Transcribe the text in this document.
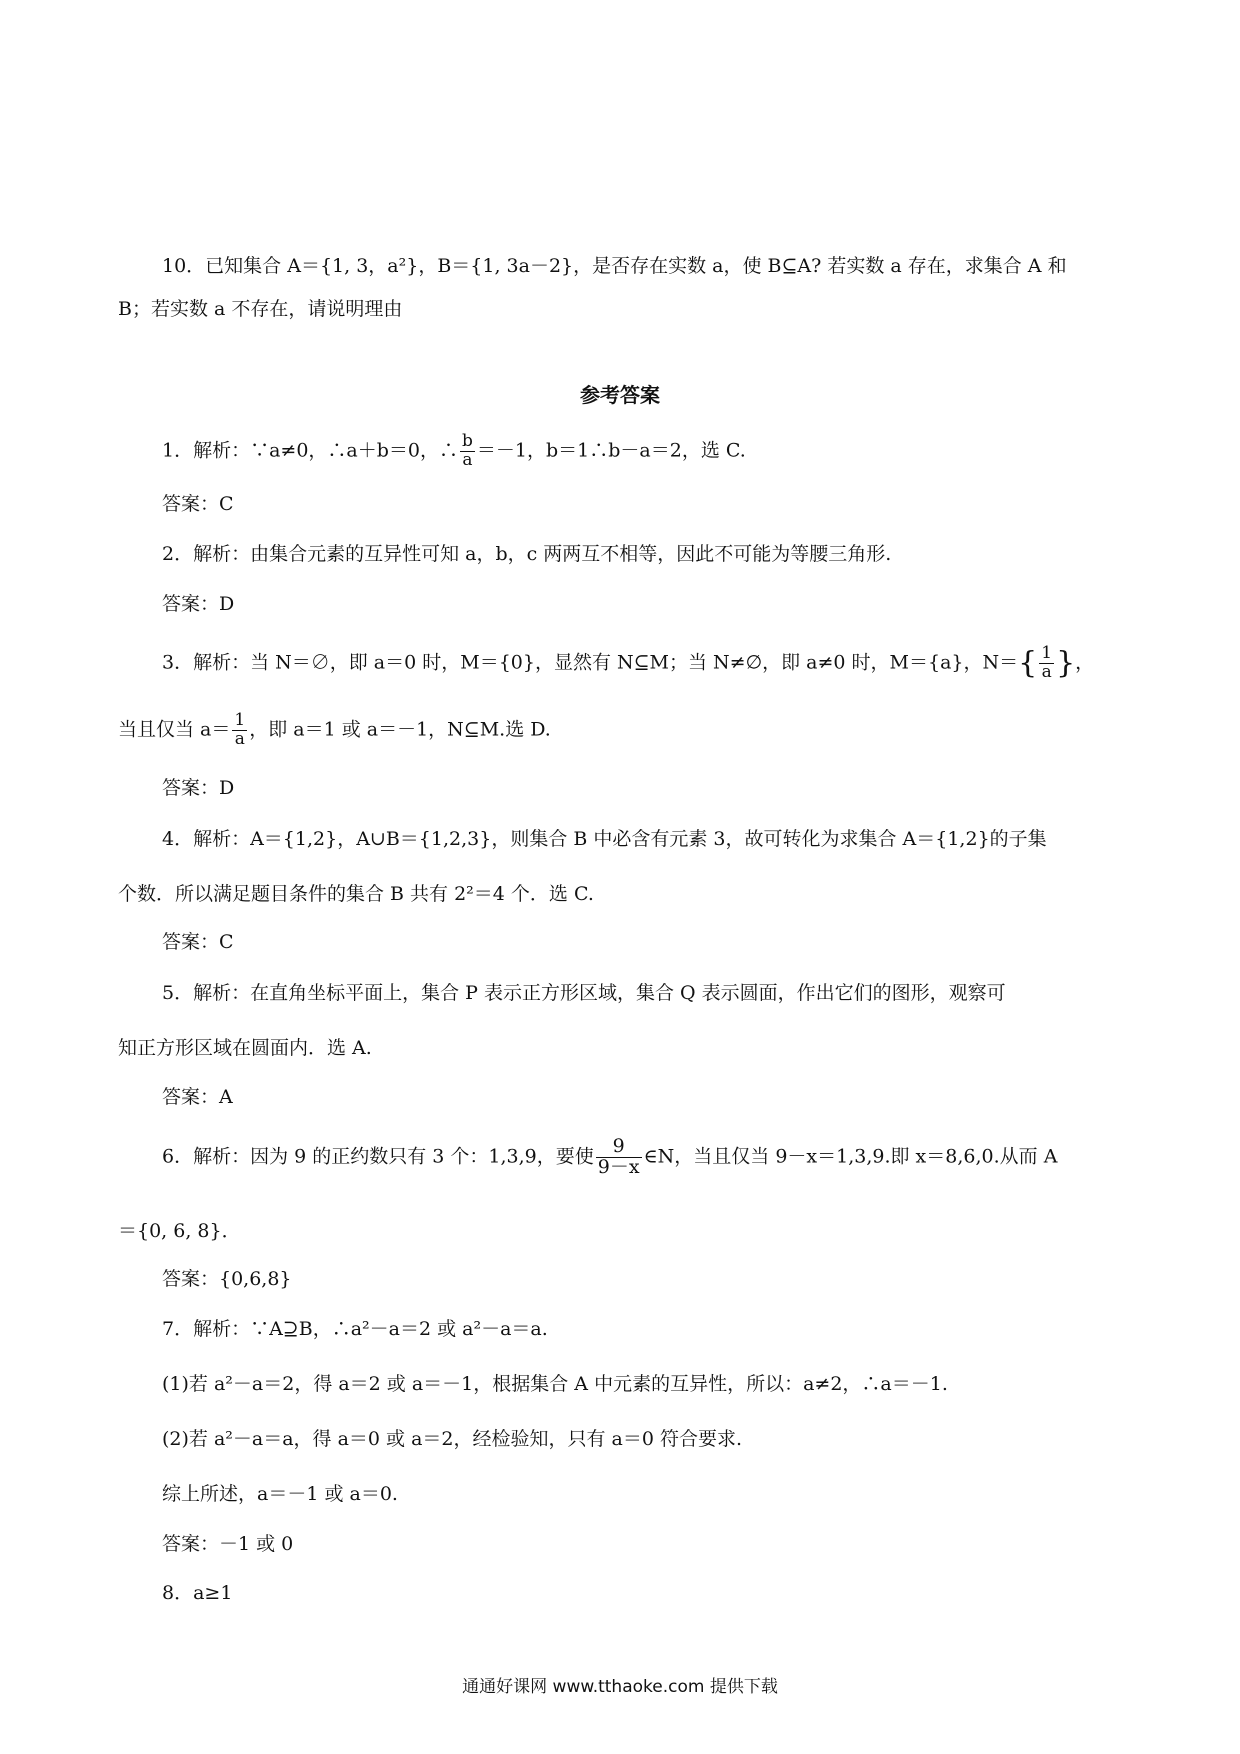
10．已知集合 A＝{1, 3，a²}，B＝{1, 3a－2}，是否存在实数 a，使 B⊆A? 若实数 a 存在，求集合 A 和
B；若实数 a 不存在，请说明理由
参考答案
1．解析：∵a≠0，∴a＋b＝0，∴ $\frac{b}{a} =-1$，b＝1∴b－a＝2，选 C.
答案：C
2．解析：由集合元素的互异性可知 a，b，c 两两互不相等，因此不可能为等腰三角形.
答案：D
3．解析：当 N＝∅，即 a＝0 时，M＝{0}，显然有 N⊆M；当 N≠∅，即 a≠0 时，M＝{a}，$N=\{ \frac{1}{a}$ }，
当且仅当 $a= \frac{1}{a}$ ，即 a＝1 或 a＝－1，N⊆M.选 D.
答案：D
4．解析：A＝{1,2}，A∪B＝{1,2,3}，则集合 B 中必含有元素 3，故可转化为求集合 A＝{1,2}的子集
个数．所以满足题目条件的集合 B 共有 2²＝4 个．选 C.
答案：C
5．解析：在直角坐标平面上，集合 P 表示正方形区域，集合 Q 表示圆面，作出它们的图形，观察可
知正方形区域在圆面内．选 A.
答案：A
6．解析：因为 9 的正约数只有 3 个：1,3,9，要使 $\frac{9}{9-x}$ ∈N，当且仅当 9－x＝1,3,9.即 x＝8,6,0.从而 A
＝{0, 6, 8}．
答案：{0,6,8}
7．解析：∵A⊇B，∴a²－a＝2 或 a²－a＝a.
(1)若 a²－a＝2，得 a＝2 或 a＝－1，根据集合 A 中元素的互异性，所以：a≠2，∴a＝－1.
(2)若 a²－a＝a，得 a＝0 或 a＝2，经检验知，只有 a＝0 符合要求.
综上所述，a＝－1 或 a＝0.
答案：－1 或 0
8．a≥1
通通好课网 www.tthaoke.com 提供下载
